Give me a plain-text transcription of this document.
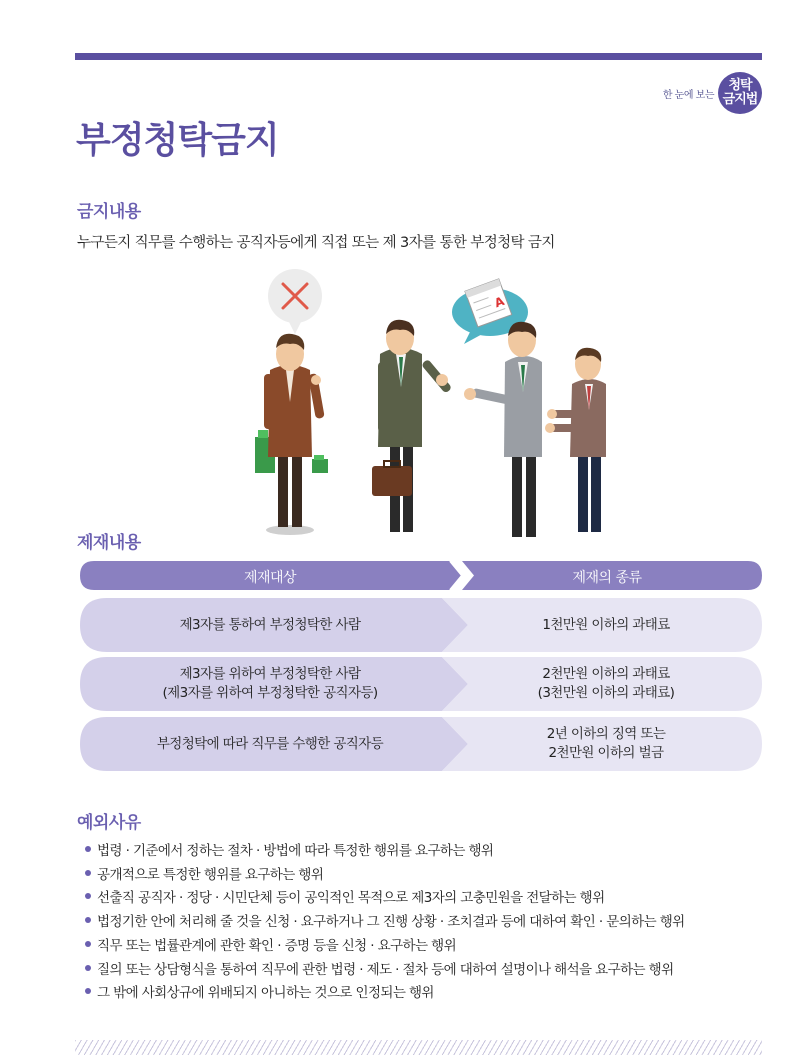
한 눈에 보는
청탁
금지법
부정청탁금지
금지내용

누구든지 직무를 수행하는 공직자등에게 직접 또는 제 3자를 통한 부정청탁 금지

A
제재내용
제재대상	제재의 종류
제3자를 통하여 부정청탁한 사람	1천만원 이하의 과태료
제3자를 위하여 부정청탁한 사람
(제3자를 위하여 부정청탁한 공직자등)
2천만원 이하의 과태료
(3천만원 이하의 과태료)
부정청탁에 따라 직무를 수행한 공직자등
2년 이하의 징역 또는
2천만원 이하의 벌금
예외사유
법령 · 기준에서 정하는 절차 · 방법에 따라 특정한 행위를 요구하는 행위
공개적으로 특정한 행위를 요구하는 행위
선출직 공직자 · 정당 · 시민단체 등이 공익적인 목적으로 제3자의 고충민원을 전달하는 행위
법정기한 안에 처리해 줄 것을 신청 · 요구하거나 그 진행 상황 · 조치결과 등에 대하여 확인 · 문의하는 행위
직무 또는 법률관계에 관한 확인 · 증명 등을 신청 · 요구하는 행위
질의 또는 상담형식을 통하여 직무에 관한 법령 · 제도 · 절차 등에 대하여 설명이나 해석을 요구하는 행위
그 밖에 사회상규에 위배되지 아니하는 것으로 인정되는 행위
